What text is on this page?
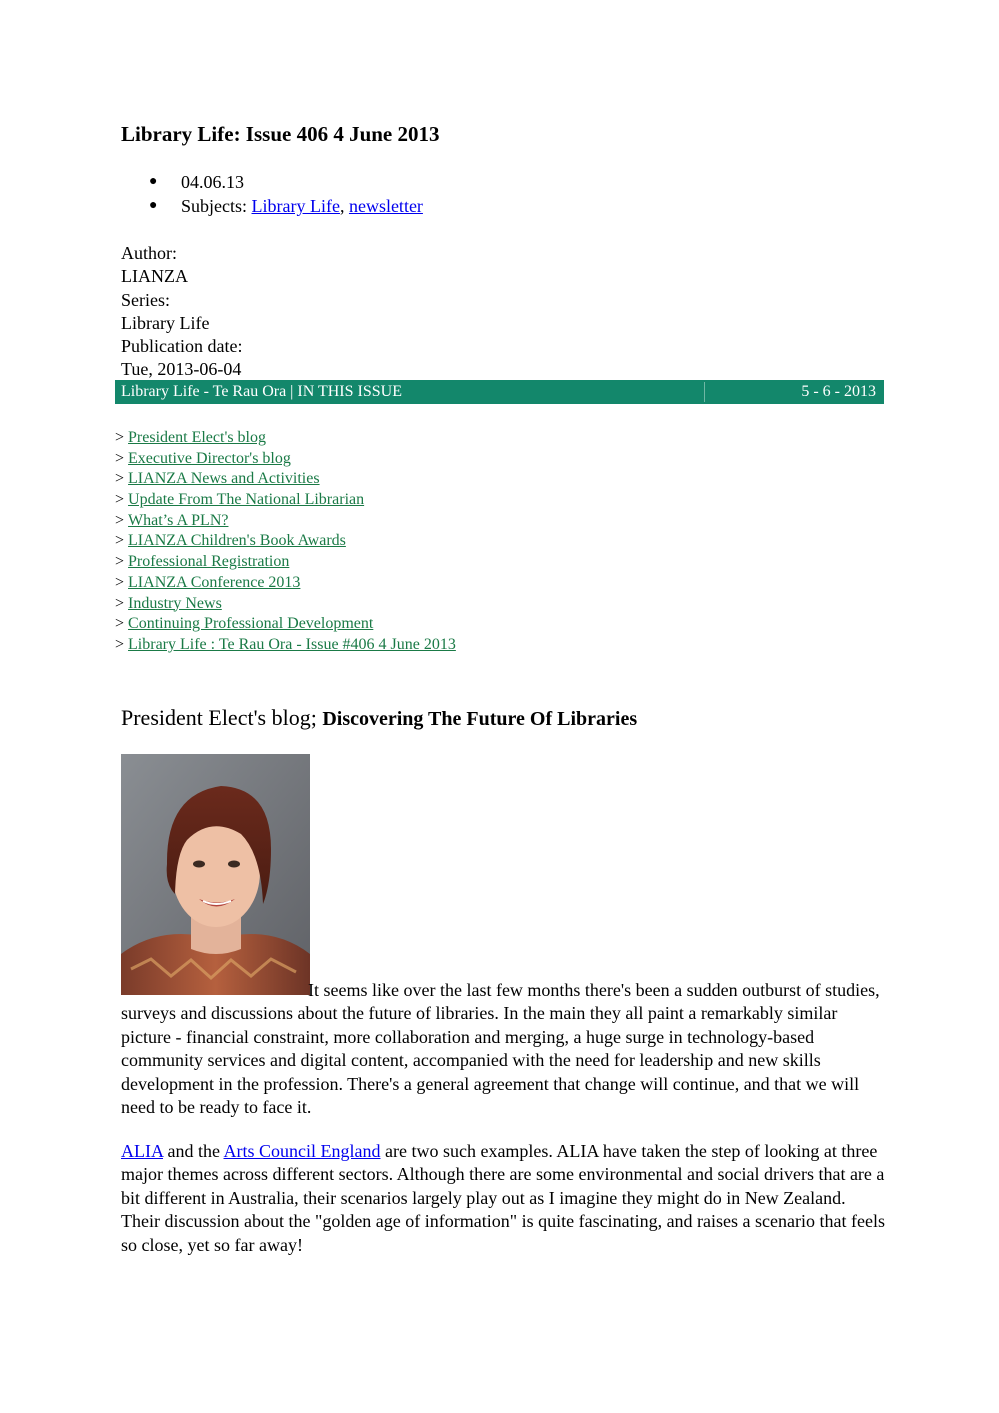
Library Life: Issue 406 4 June 2013
● 04.06.13
● Subjects: Library Life, newsletter
Author:
LIANZA
Series:
Library Life
Publication date:
Tue, 2013-06-04
Library Life - Te Rau Ora | IN THIS ISSUE	5 - 6 - 2013
> President Elect's blog
> Executive Director's blog
> LIANZA News and Activities
> Update From The National Librarian
> What’s A PLN?
> LIANZA Children's Book Awards
> Professional Registration
> LIANZA Conference 2013
> Industry News
> Continuing Professional Development
> Library Life : Te Rau Ora - Issue #406 4 June 2013
President Elect's blog; Discovering The Future Of Libraries

It seems like over the last few months there's been a sudden outburst of studies, surveys and discussions about the future of libraries. In the main they all paint a remarkably similar picture - financial constraint, more collaboration and merging, a huge surge in technology-based community services and digital content, accompanied with the need for leadership and new skills development in the profession. There's a general agreement that change will continue, and that we will need to be ready to face it.

ALIA and the Arts Council England are two such examples. ALIA have taken the step of looking at three major themes across different sectors. Although there are some environmental and social drivers that are a bit different in Australia, their scenarios largely play out as I imagine they might do in New Zealand. Their discussion about the "golden age of information" is quite fascinating, and raises a scenario that feels so close, yet so far away!
